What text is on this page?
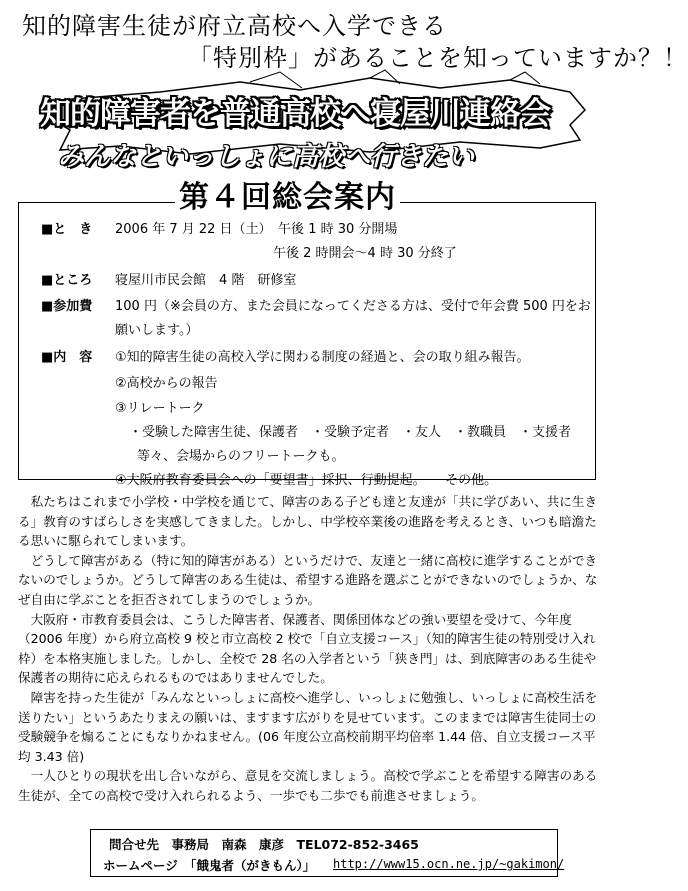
知的障害生徒が府立高校へ入学できる
「特別枠」があることを知っていますか？！
知的障害者を普通高校へ寝屋川連絡会
みんなといっしょに高校へ行きたい
■と　き 2006 年 7 月 22 日（土）　午後 1 時 30 分開場
午後 2 時開会～4 時 30 分終了
■ところ 寝屋川市民会館　4 階　研修室
■参加費 100 円（※会員の方、また会員になってくださる方は、受付で年会費 500 円をお
願いします。）
■内　容 ①知的障害生徒の高校入学に関わる制度の経過と、会の取り組み報告。
②高校からの報告
③リレートーク
・受験した障害生徒、保護者　・受験予定者　・友人　・教職員　・支援者
等々、会場からのフリートークも。
④大阪府教育委員会への「要望書」採択、行動提起。　　その他。
第４回総会案内

私たちはこれまで小学校・中学校を通じて、障害のある子ども達と友達が「共に学びあい、共に生きる」教育のすばらしさを実感してきました。しかし、中学校卒業後の進路を考えるとき、いつも暗澹たる思いに駆られてしまいます。

どうして障害がある（特に知的障害がある）というだけで、友達と一緒に高校に進学することができないのでしょうか。どうして障害のある生徒は、希望する進路を選ぶことができないのでしょうか、なぜ自由に学ぶことを拒否されてしまうのでしょうか。

大阪府・市教育委員会は、こうした障害者、保護者、関係団体などの強い要望を受けて、今年度（2006 年度）から府立高校 9 校と市立高校 2 校で「自立支援コース」（知的障害生徒の特別受け入れ枠）を本格実施しました。しかし、全校で 28 名の入学者という「狭き門」は、到底障害のある生徒や保護者の期待に応えられるものではありませんでした。

障害を持った生徒が「みんなといっしょに高校へ進学し、いっしょに勉強し、いっしょに高校生活を送りたい」というあたりまえの願いは、ますます広がりを見せています。このままでは障害生徒同士の受験競争を煽ることにもなりかねません。(06 年度公立高校前期平均倍率 1.44 倍、自立支援コース平均 3.43 倍)

一人ひとりの現状を出し合いながら、意見を交流しましょう。高校で学ぶことを希望する障害のある生徒が、全ての高校で受け入れられるよう、一歩でも二歩でも前進させましょう。

問合せ先　事務局　南森　康彦　TEL072-852-3465
ホームページ　「餓鬼者（がきもん）」 http://www15.ocn.ne.jp/~gakimon/
